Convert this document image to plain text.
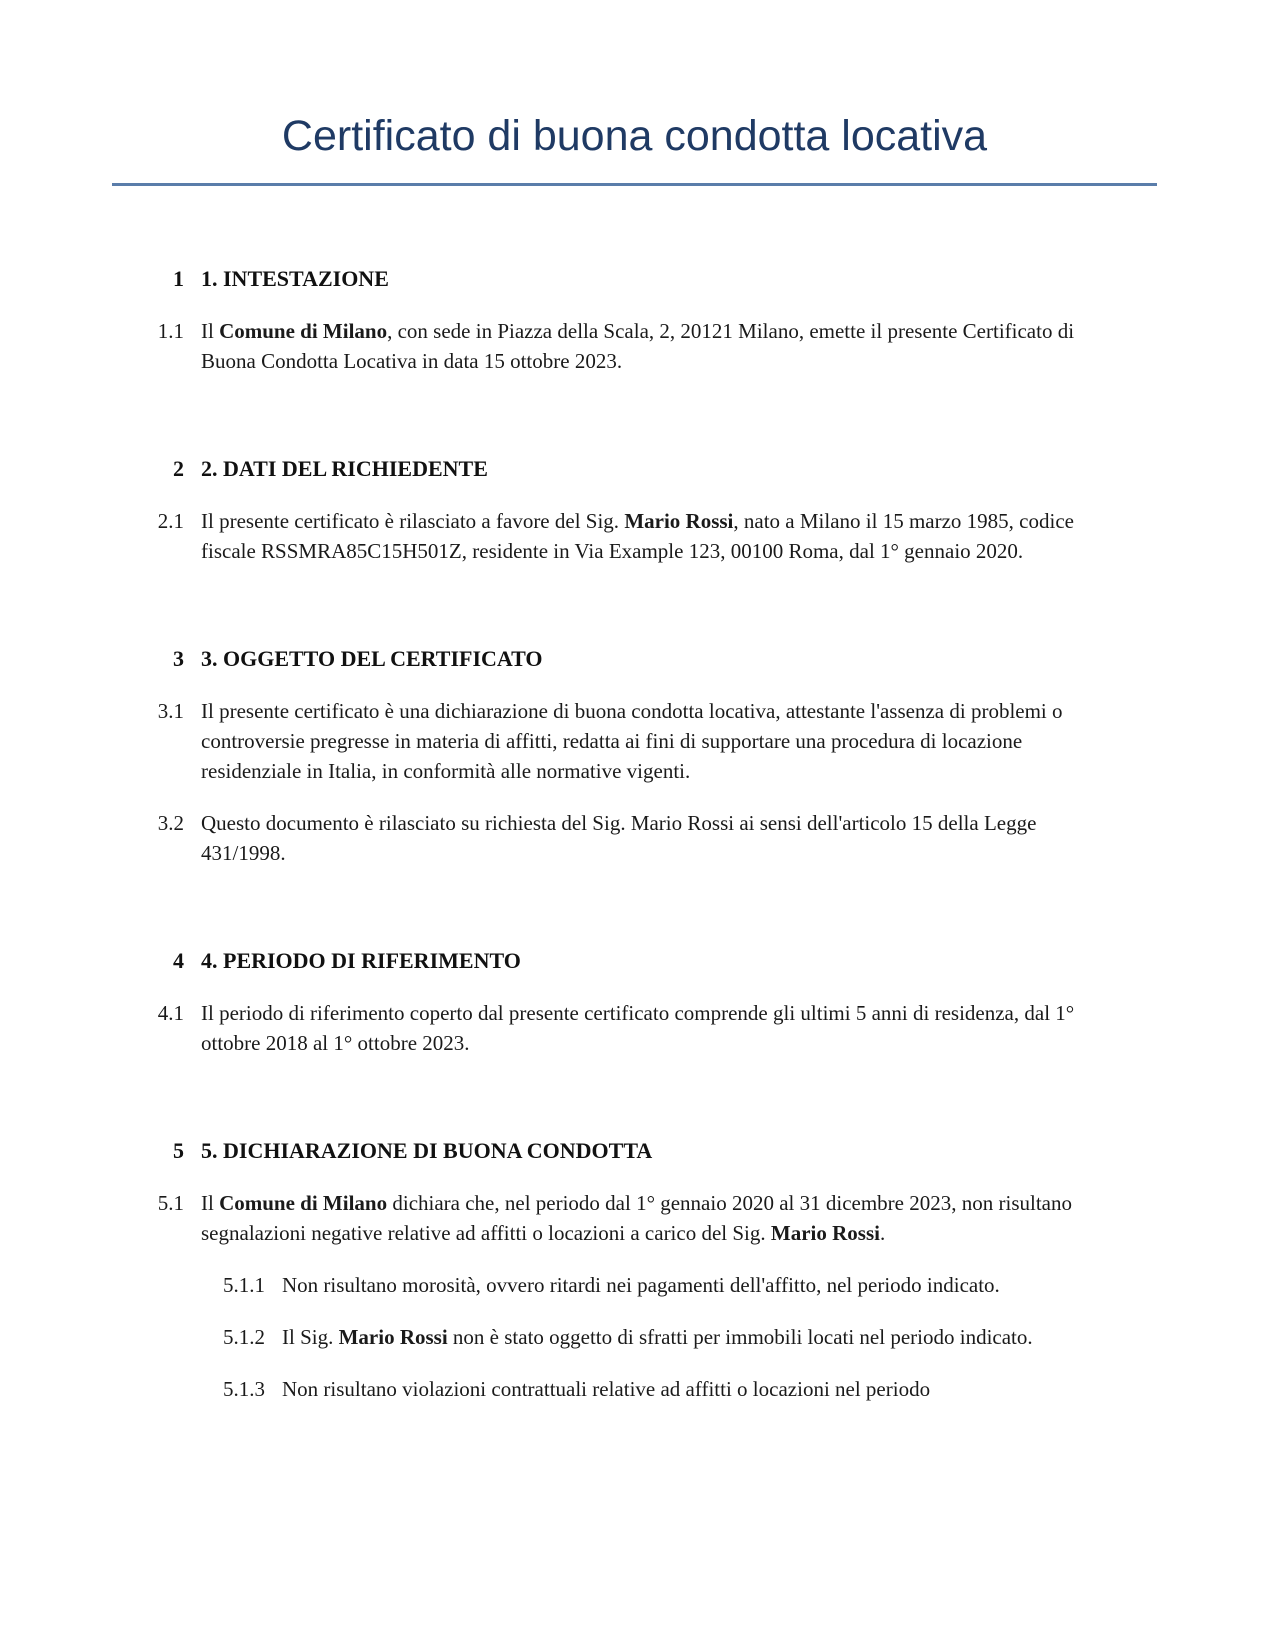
Certificato di buona condotta locativa
1 1. INTESTAZIONE
1.1 Il Comune di Milano, con sede in Piazza della Scala, 2, 20121 Milano, emette il presente Certificato di Buona Condotta Locativa in data 15 ottobre 2023.
2 2. DATI DEL RICHIEDENTE
2.1 Il presente certificato è rilasciato a favore del Sig. Mario Rossi, nato a Milano il 15 marzo 1985, codice fiscale RSSMRA85C15H501Z, residente in Via Example 123, 00100 Roma, dal 1° gennaio 2020.
3 3. OGGETTO DEL CERTIFICATO
3.1 Il presente certificato è una dichiarazione di buona condotta locativa, attestante l'assenza di problemi o controversie pregresse in materia di affitti, redatta ai fini di supportare una procedura di locazione residenziale in Italia, in conformità alle normative vigenti.
3.2 Questo documento è rilasciato su richiesta del Sig. Mario Rossi ai sensi dell'articolo 15 della Legge 431/1998.
4 4. PERIODO DI RIFERIMENTO
4.1 Il periodo di riferimento coperto dal presente certificato comprende gli ultimi 5 anni di residenza, dal 1° ottobre 2018 al 1° ottobre 2023.
5 5. DICHIARAZIONE DI BUONA CONDOTTA
5.1 Il Comune di Milano dichiara che, nel periodo dal 1° gennaio 2020 al 31 dicembre 2023, non risultano segnalazioni negative relative ad affitti o locazioni a carico del Sig. Mario Rossi.
5.1.1 Non risultano morosità, ovvero ritardi nei pagamenti dell'affitto, nel periodo indicato.
5.1.2 Il Sig. Mario Rossi non è stato oggetto di sfratti per immobili locati nel periodo indicato.
5.1.3 Non risultano violazioni contrattuali relative ad affitti o locazioni nel periodo
